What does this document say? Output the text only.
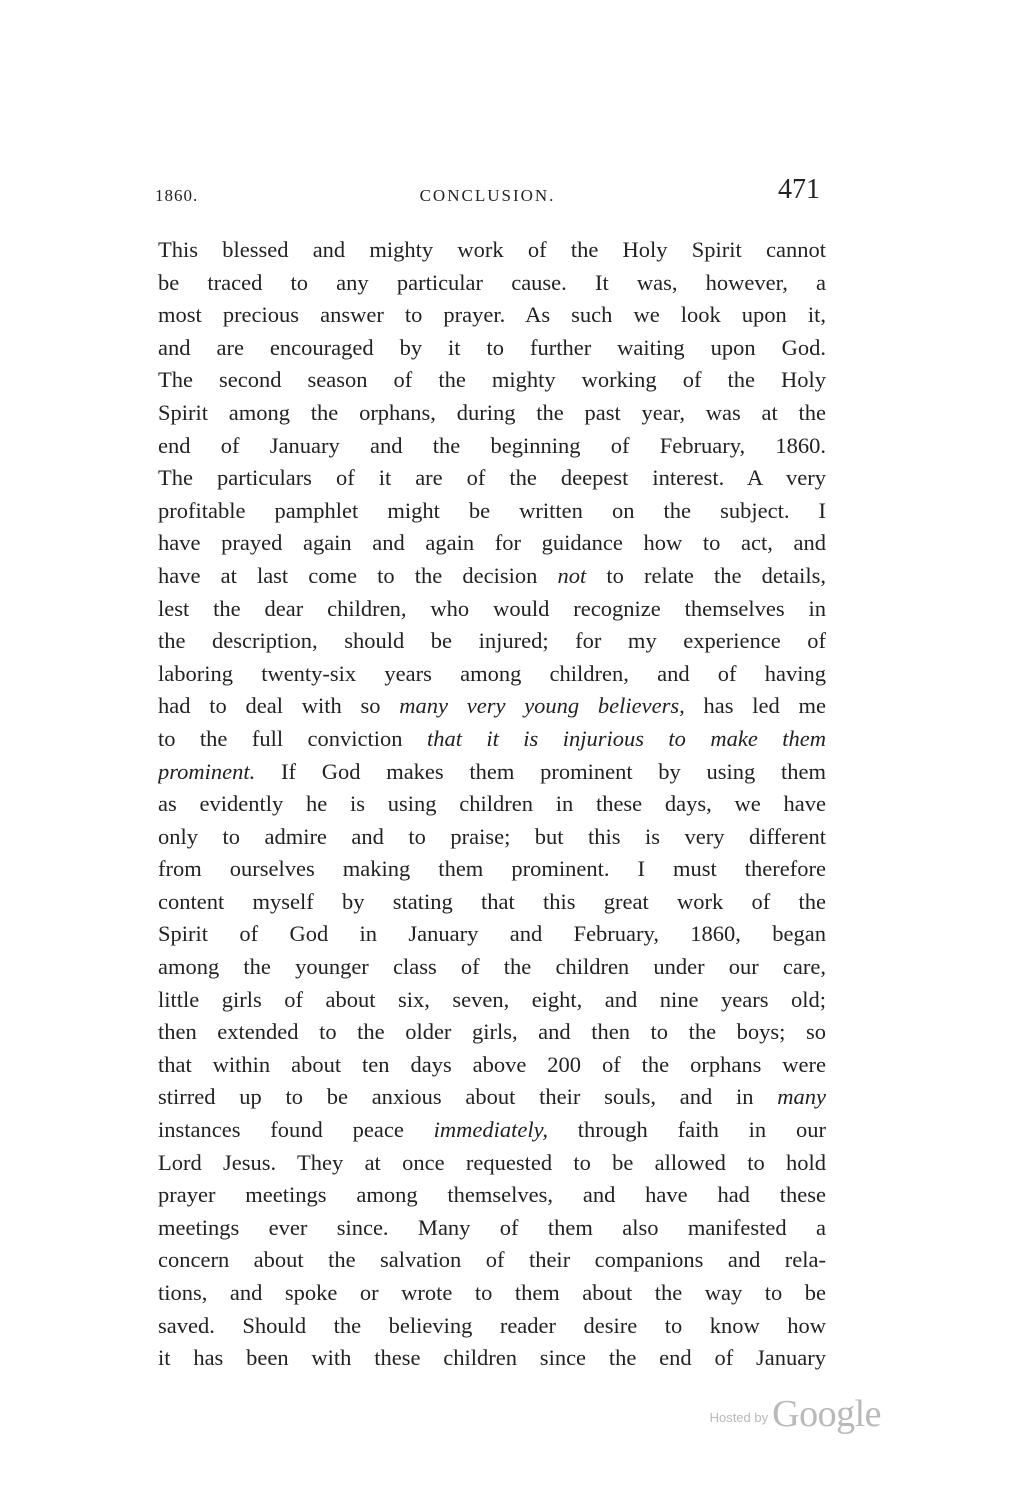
1860.	CONCLUSION.	471
This blessed and mighty work of the Holy Spirit cannot
be traced to any particular cause. It was, however, a
most precious answer to prayer. As such we look upon it,
and are encouraged by it to further waiting upon God.
The second season of the mighty working of the Holy
Spirit among the orphans, during the past year, was at the
end of January and the beginning of February, 1860.
The particulars of it are of the deepest interest. A very
profitable pamphlet might be written on the subject. I
have prayed again and again for guidance how to act, and
have at last come to the decision not to relate the details,
lest the dear children, who would recognize themselves in
the description, should be injured; for my experience of
laboring twenty-six years among children, and of having
had to deal with so many very young believers, has led me
to the full conviction that it is injurious to make them
prominent. If God makes them prominent by using them
as evidently he is using children in these days, we have
only to admire and to praise; but this is very different
from ourselves making them prominent. I must therefore
content myself by stating that this great work of the
Spirit of God in January and February, 1860, began
among the younger class of the children under our care,
little girls of about six, seven, eight, and nine years old;
then extended to the older girls, and then to the boys; so
that within about ten days above 200 of the orphans were
stirred up to be anxious about their souls, and in many
instances found peace immediately, through faith in our
Lord Jesus. They at once requested to be allowed to hold
prayer meetings among themselves, and have had these
meetings ever since. Many of them also manifested a
concern about the salvation of their companions and rela-
tions, and spoke or wrote to them about the way to be
saved. Should the believing reader desire to know how
it has been with these children since the end of January
$^{Hosted by}$ Google
